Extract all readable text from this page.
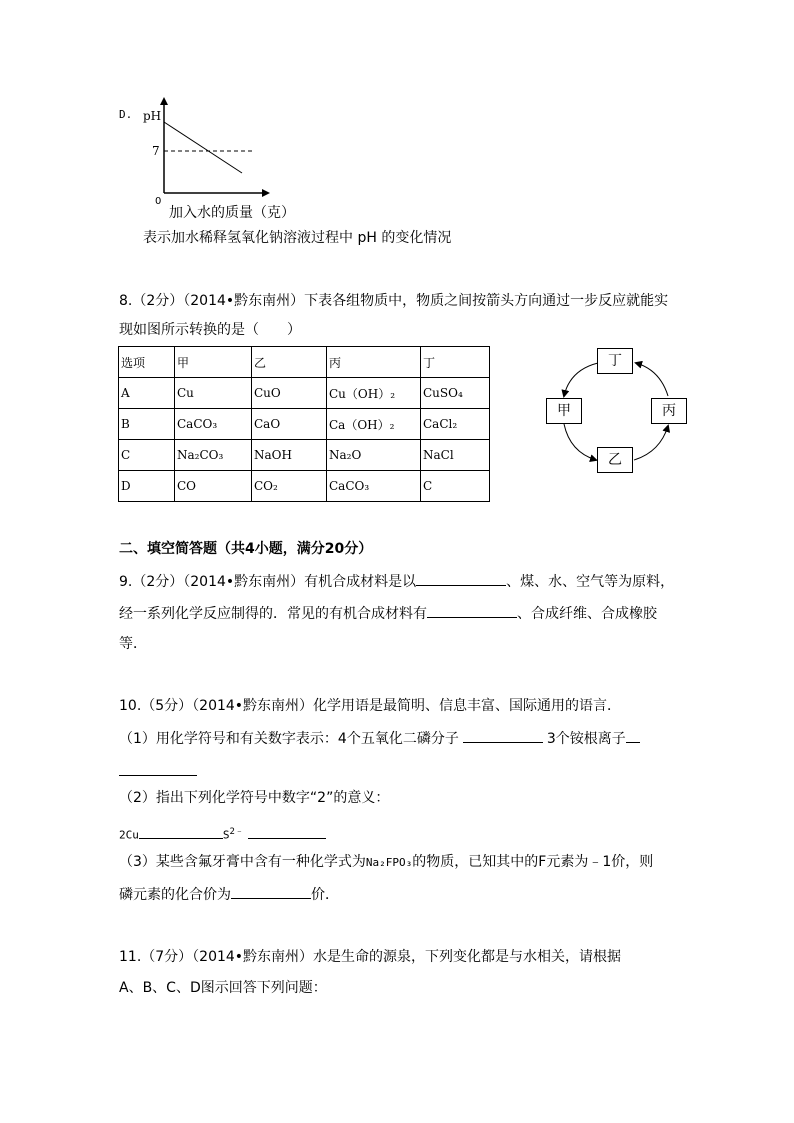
D. pH
7
0
加入水的质量（克）
表示加水稀释氢氧化钠溶液过程中 pH 的变化情况
8.（2分）（2014•黔东南州）下表各组物质中，物质之间按箭头方向通过一步反应就能实
现如图所示转换的是（　　）
选项	甲	乙	丙	丁
A	Cu	CuO	Cu（OH）₂	CuSO₄
B	CaCO₃	CaO	Ca（OH）₂	CaCl₂
C	Na₂CO₃	NaOH	Na₂O	NaCl
D	CO	CO₂	CaCO₃	C
丁
甲	丙
乙
二、填空简答题（共4小题，满分20分）
9.（2分）（2014•黔东南州）有机合成材料是以	、煤、水、空气等为原料，
经一系列化学反应制得的．常见的有机合成材料有	、合成纤维、合成橡胶
等．
10.（5分）（2014•黔东南州）化学用语是最简明、信息丰富、国际通用的语言．
（1）用化学符号和有关数字表示：4个五氧化二磷分子	3个铵根离子
（2）指出下列化学符号中数字“2”的意义：
2Cu	$S^{2﹣}$
（3）某些含氟牙膏中含有一种化学式为Na₂FPO₃的物质，已知其中的F元素为﹣1价，则
磷元素的化合价为	价．
11.（7分）（2014•黔东南州）水是生命的源泉，下列变化都是与水相关，请根据
A、B、C、D图示回答下列问题：
